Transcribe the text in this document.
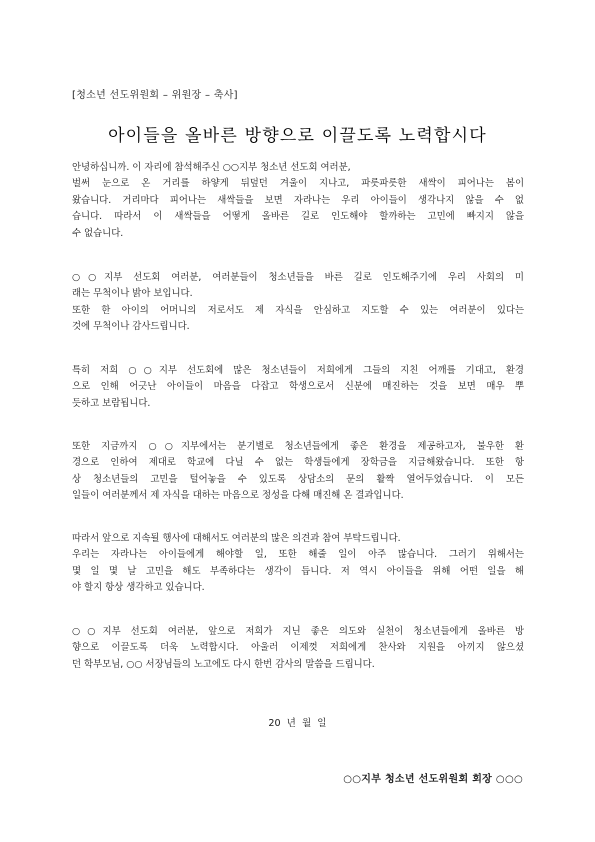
[청소년 선도위원회 – 위원장 – 축사]
아이들을 올바른 방향으로 이끌도록 노력합시다
안녕하십니까. 이 자리에 참석해주신 ○○지부 청소년 선도회 여러분,
벌써 눈으로 온 거리를 하얗게 뒤덮던 겨울이 지나고, 파릇파릇한 새싹이 피어나는 봄이
왔습니다. 거리마다 피어나는 새싹들을 보면 자라나는 우리 아이들이 생각나지 않을 수 없
습니다. 따라서 이 새싹들을 어떻게 올바른 길로 인도해야 할까하는 고민에 빠지지 않을
수 없습니다.
○○지부 선도회 여러분, 여러분들이 청소년들을 바른 길로 인도해주기에 우리 사회의 미
래는 무척이나 밝아 보입니다.
또한 한 아이의 어머니의 저로서도 제 자식을 안심하고 지도할 수 있는 여러분이 있다는
것에 무척이나 감사드립니다.
특히 저희 ○○지부 선도회에 많은 청소년들이 저희에게 그들의 지친 어깨를 기대고, 환경
으로 인해 어긋난 아이들이 마음을 다잡고 학생으로서 신분에 매진하는 것을 보면 매우 뿌
듯하고 보람됩니다.
또한 지금까지 ○○지부에서는 분기별로 청소년들에게 좋은 환경을 제공하고자, 불우한 환
경으로 인하여 제대로 학교에 다닐 수 없는 학생들에게 장학금을 지급해왔습니다. 또한 항
상 청소년들의 고민을 털어놓을 수 있도록 상담소의 문의 활짝 열어두었습니다. 이 모든
일들이 여러분께서 제 자식을 대하는 마음으로 정성을 다해 매진해 온 결과입니다.
따라서 앞으로 지속될 행사에 대해서도 여러분의 많은 의견과 참여 부탁드립니다.
우리는 자라나는 아이들에게 해야할 일, 또한 해줄 일이 아주 많습니다. 그러기 위해서는
몇 일 몇 날 고민을 해도 부족하다는 생각이 듭니다. 저 역시 아이들을 위해 어떤 일을 해
야 할지 항상 생각하고 있습니다.
○○지부 선도회 여러분, 앞으로 저희가 지닌 좋은 의도와 실천이 청소년들에게 올바른 방
향으로 이끌도록 더욱 노력합시다. 아울러 이제껏 저희에게 찬사와 지원을 아끼지 않으셨
던 학부모님, ○○ 서장님들의 노고에도 다시 한번 감사의 말씀을 드립니다.
20 년 월 일
○○지부 청소년 선도위원회 회장 ○○○
